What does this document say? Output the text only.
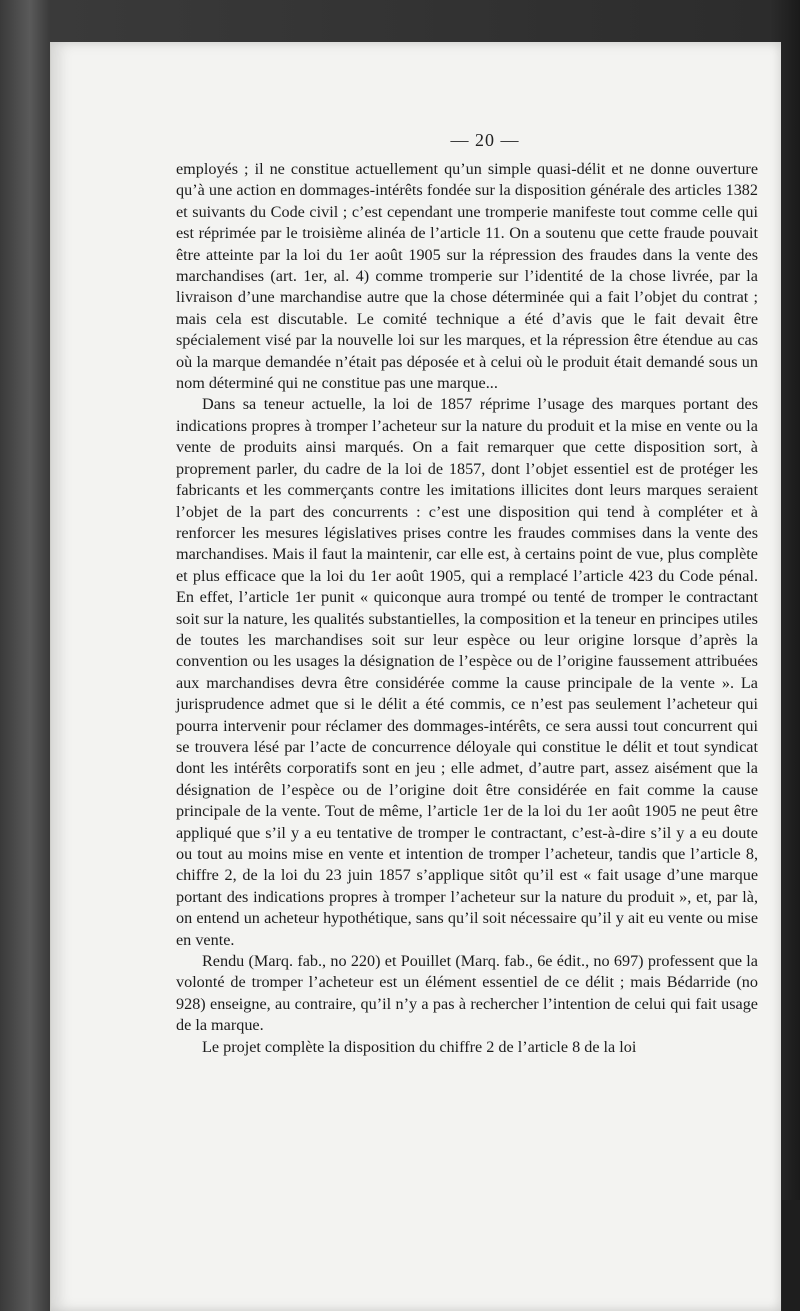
— 20 —

employés ; il ne constitue actuellement qu’un simple quasi-délit et ne donne ouverture qu’à une action en dommages-intérêts fondée sur la disposition générale des articles 1382 et suivants du Code civil ; c’est cependant une tromperie manifeste tout comme celle qui est réprimée par le troisième alinéa de l’article 11. On a soutenu que cette fraude pouvait être atteinte par la loi du 1er août 1905 sur la répression des fraudes dans la vente des marchandises (art. 1er, al. 4) comme tromperie sur l’identité de la chose livrée, par la livraison d’une marchandise autre que la chose déterminée qui a fait l’objet du contrat ; mais cela est discutable. Le comité technique a été d’avis que le fait devait être spécialement visé par la nouvelle loi sur les marques, et la répression être étendue au cas où la marque demandée n’était pas déposée et à celui où le produit était demandé sous un nom déterminé qui ne constitue pas une marque...

Dans sa teneur actuelle, la loi de 1857 réprime l’usage des marques portant des indications propres à tromper l’acheteur sur la nature du produit et la mise en vente ou la vente de produits ainsi marqués. On a fait remarquer que cette disposition sort, à proprement parler, du cadre de la loi de 1857, dont l’objet essentiel est de protéger les fabricants et les commerçants contre les imitations illicites dont leurs marques seraient l’objet de la part des concurrents : c’est une disposition qui tend à compléter et à renforcer les mesures législatives prises contre les fraudes commises dans la vente des marchandises. Mais il faut la maintenir, car elle est, à certains point de vue, plus complète et plus efficace que la loi du 1er août 1905, qui a remplacé l’article 423 du Code pénal. En effet, l’article 1er punit « quiconque aura trompé ou tenté de tromper le contractant soit sur la nature, les qualités substantielles, la composition et la teneur en principes utiles de toutes les marchandises soit sur leur espèce ou leur origine lorsque d’après la convention ou les usages la désignation de l’espèce ou de l’origine faussement attribuées aux marchandises devra être considérée comme la cause principale de la vente ». La jurisprudence admet que si le délit a été commis, ce n’est pas seulement l’acheteur qui pourra intervenir pour réclamer des dommages-intérêts, ce sera aussi tout concurrent qui se trouvera lésé par l’acte de concurrence déloyale qui constitue le délit et tout syndicat dont les intérêts corporatifs sont en jeu ; elle admet, d’autre part, assez aisément que la désignation de l’espèce ou de l’origine doit être considérée en fait comme la cause principale de la vente. Tout de même, l’article 1er de la loi du 1er août 1905 ne peut être appliqué que s’il y a eu tentative de tromper le contractant, c’est-à-dire s’il y a eu doute ou tout au moins mise en vente et intention de tromper l’acheteur, tandis que l’article 8, chiffre 2, de la loi du 23 juin 1857 s’applique sitôt qu’il est « fait usage d’une marque portant des indications propres à tromper l’acheteur sur la nature du produit », et, par là, on entend un acheteur hypothétique, sans qu’il soit nécessaire qu’il y ait eu vente ou mise en vente.

Rendu (Marq. fab., no 220) et Pouillet (Marq. fab., 6e édit., no 697) professent que la volonté de tromper l’acheteur est un élément essentiel de ce délit ; mais Bédarride (no 928) enseigne, au contraire, qu’il n’y a pas à rechercher l’intention de celui qui fait usage de la marque.

Le projet complète la disposition du chiffre 2 de l’article 8 de la loi
